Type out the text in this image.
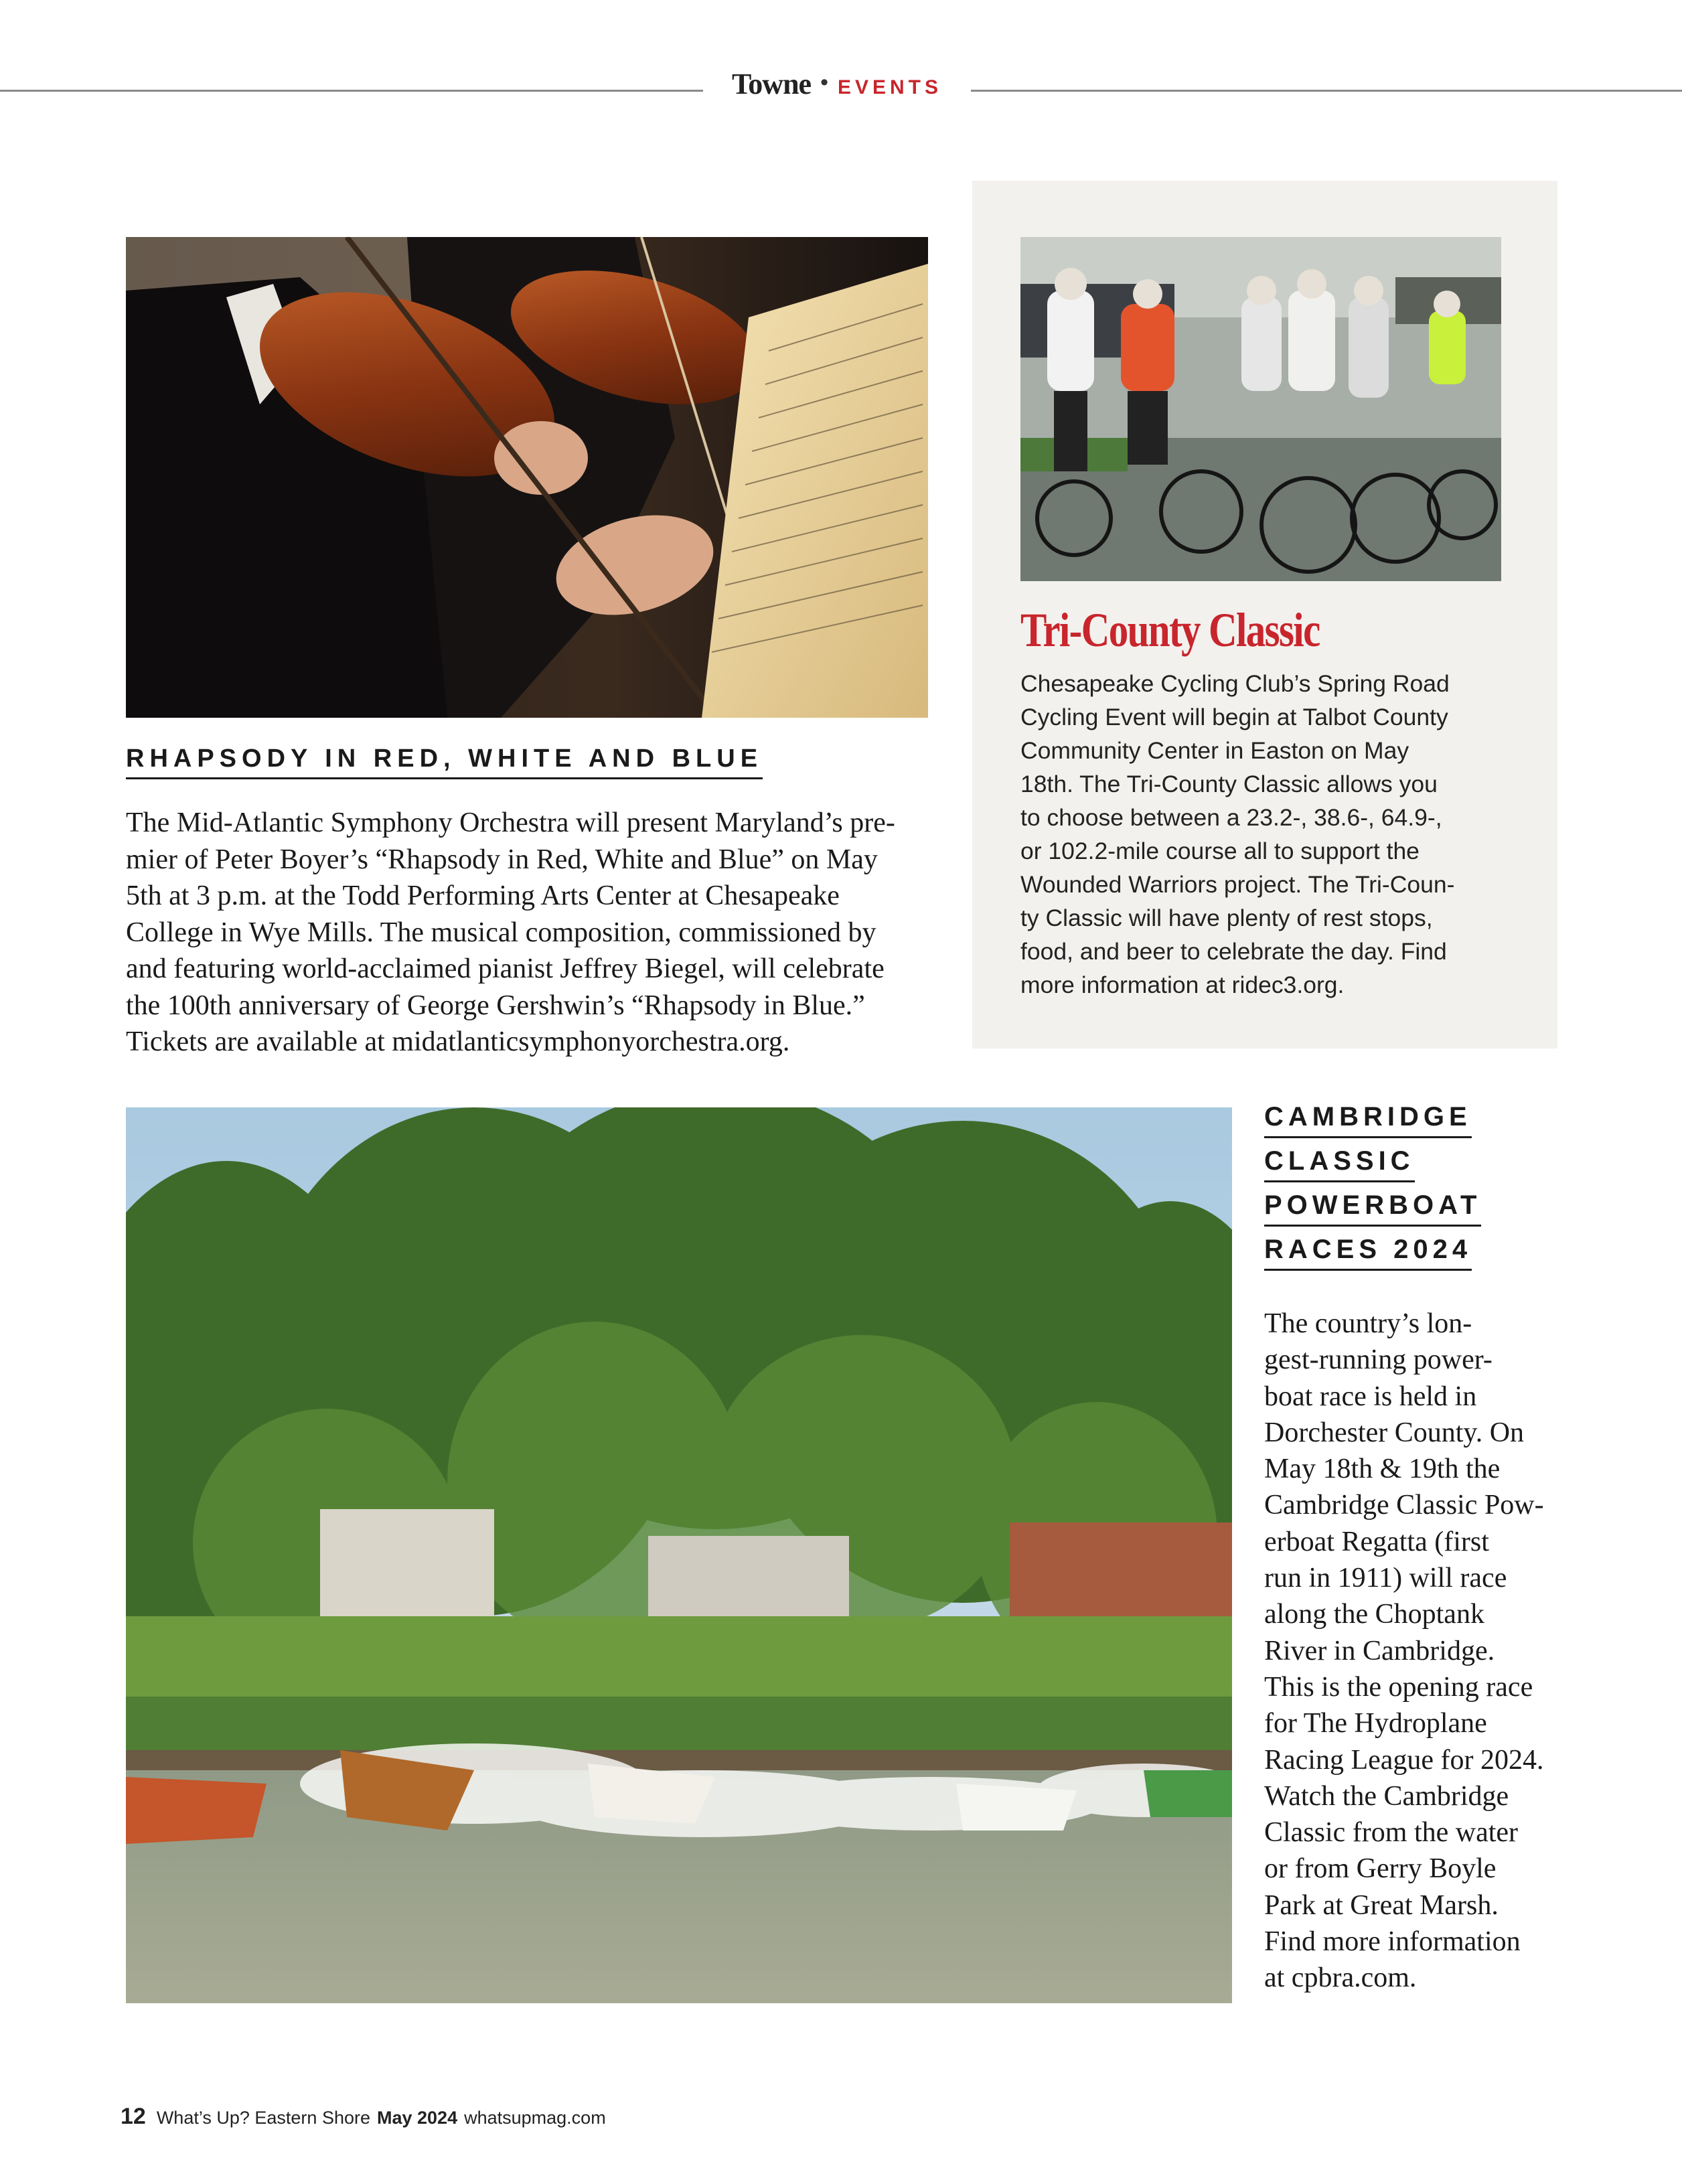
Towne • EVENTS
Tri-County Classic
Chesapeake Cycling Club’s Spring Road
Cycling Event will begin at Talbot County
Community Center in Easton on May
18th. The Tri-County Classic allows you
to choose between a 23.2-, 38.6-, 64.9-,
or 102.2-mile course all to support the
Wounded Warriors project. The Tri-Coun-
ty Classic will have plenty of rest stops,
food, and beer to celebrate the day. Find
more information at ridec3.org.
RHAPSODY IN RED, WHITE AND BLUE
The Mid-Atlantic Symphony Orchestra will present Maryland’s pre-
mier of Peter Boyer’s “Rhapsody in Red, White and Blue” on May
5th at 3 p.m. at the Todd Performing Arts Center at Chesapeake
College in Wye Mills. The musical composition, commissioned by
and featuring world-acclaimed pianist Jeffrey Biegel, will celebrate
the 100th anniversary of George Gershwin’s “Rhapsody in Blue.”
Tickets are available at midatlanticsymphonyorchestra.org.
CAMBRIDGE
CLASSIC
POWERBOAT
RACES 2024
The country’s lon-
gest-running power-
boat race is held in
Dorchester County. On
May 18th & 19th the
Cambridge Classic Pow-
erboat Regatta (first
run in 1911) will race
along the Choptank
River in Cambridge.
This is the opening race
for The Hydroplane
Racing League for 2024.
Watch the Cambridge
Classic from the water
or from Gerry Boyle
Park at Great Marsh.
Find more information
at cpbra.com.
12 What’s Up? Eastern Shore May 2024 whatsupmag.com
